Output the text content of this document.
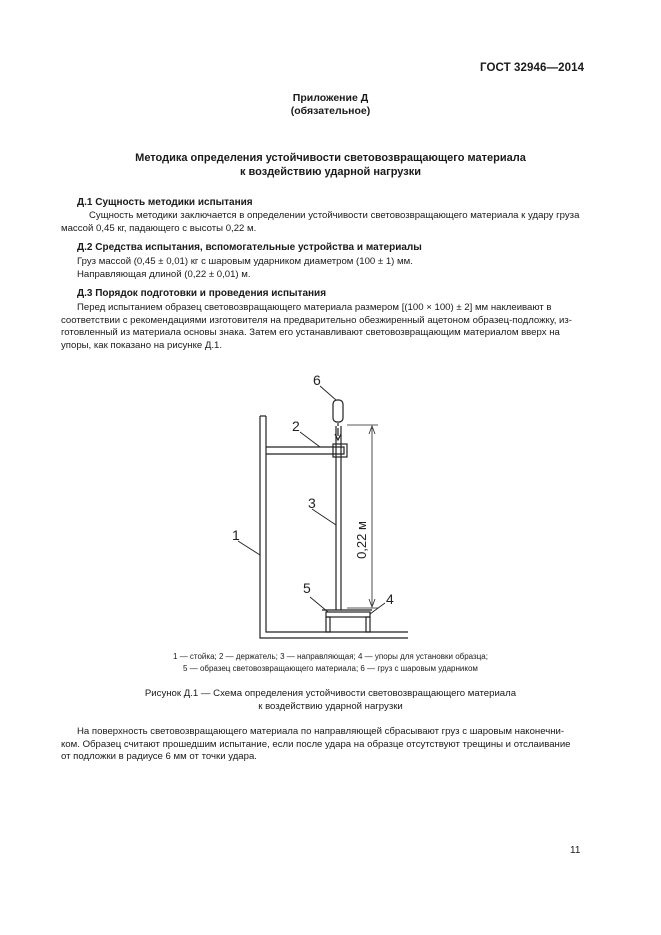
ГОСТ 32946—2014
Приложение Д
(обязательное)
Методика определения устойчивости световозвращающего материала
к воздействию ударной нагрузки
Д.1 Сущность методики испытания

Сущность методики заключается в определении устойчивости световозвращающего материала к удару груза

массой 0,45 кг, падающего с высоты 0,22 м.

Д.2 Средства испытания, вспомогательные устройства и материалы

Груз массой (0,45 ± 0,01) кг с шаровым ударником диаметром (100 ± 1) мм.

Направляющая длиной (0,22 ± 0,01) м.

Д.3 Порядок подготовки и проведения испытания

Перед испытанием образец световозвращающего материала размером [(100 × 100) ± 2] мм наклеивают в

соответствии с рекомендациями изготовителя на предварительно обезжиренный ацетоном образец-подложку, из-

готовленный из материала основы знака. Затем его устанавливают световозвращающим материалом вверх на

упоры, как показано на рисунке Д.1.

1
2
3
4
5
6
0,22 м
1 — стойка; 2 — держатель; 3 — направляющая; 4 — упоры для установки образца;
5 — образец световозвращающего материала; 6 — груз с шаровым ударником
Рисунок Д.1 — Схема определения устойчивости световозвращающего материала
к воздействию ударной нагрузки

На поверхность световозвращающего материала по направляющей сбрасывают груз с шаровым наконечни-

ком. Образец считают прошедшим испытание, если после удара на образце отсутствуют трещины и отслаивание

от подложки в радиусе 6 мм от точки удара.

11
